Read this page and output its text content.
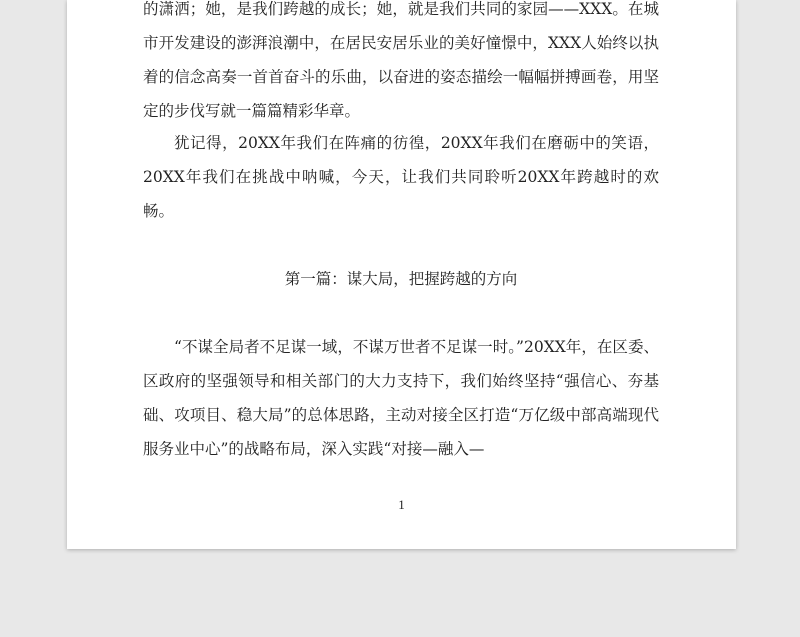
的潇洒；她，是我们跨越的成长；她，就是我们共同的家园——XXX。在城市开发建设的澎湃浪潮中，在居民安居乐业的美好憧憬中，XXX人始终以执着的信念高奏一首首奋斗的乐曲，以奋进的姿态描绘一幅幅拼搏画卷，用坚定的步伐写就一篇篇精彩华章。
犹记得，20XX年我们在阵痛的彷徨，20XX年我们在磨砺中的笑语，20XX年我们在挑战中呐喊，今天，让我们共同聆听20XX年跨越时的欢畅。
第一篇：谋大局，把握跨越的方向
“不谋全局者不足谋一域，不谋万世者不足谋一时。”20XX年，在区委、区政府的坚强领导和相关部门的大力支持下，我们始终坚持“强信心、夯基础、攻项目、稳大局”的总体思路，主动对接全区打造“万亿级中部高端现代服务业中心”的战略布局，深入实践“对接—融入—
1
